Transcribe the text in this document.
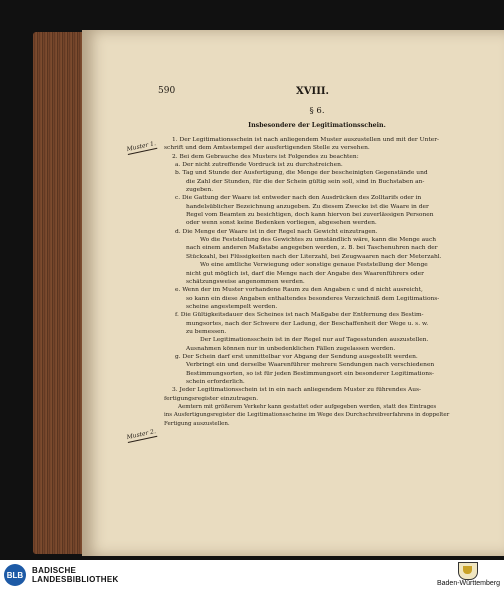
590	XVIII.
§ 6.
Insbesondere der Legitimationsschein.
Muster 1.
Muster 2.

1. Der Legitimationsschein ist nach anliegendem Muster auszustellen und mit der Unter-

schrift und dem Amtsstempel der ausfertigenden Stelle zu versehen.

2. Bei dem Gebrauche des Musters ist Folgendes zu beachten:

a. Der nicht zutreffende Vordruck ist zu durchstreichen.

b. Tag und Stunde der Ausfertigung, die Menge der bescheinigten Gegenstände und

die Zahl der Stunden, für die der Schein gültig sein soll, sind in Buchstaben an-

zugeben.

c. Die Gattung der Waare ist entweder nach den Ausdrücken des Zolltarifs oder in

handelsüblicher Bezeichnung anzugeben. Zu diesem Zwecke ist die Waare in der

Regel vom Beamten zu besichtigen, doch kann hiervon bei zuverlässigen Personen

oder wenn sonst keine Bedenken vorliegen, abgesehen werden.

d. Die Menge der Waare ist in der Regel nach Gewicht einzutragen.

Wo die Feststellung des Gewichtes zu umständlich wäre, kann die Menge auch

nach einem anderen Maßstabe angegeben werden, z. B. bei Taschenuhren nach der

Stückzahl, bei Flüssigkeiten nach der Literzahl, bei Zeugwaaren nach der Meterzahl.

Wo eine amtliche Verwiegung oder sonstige genaue Feststellung der Menge

nicht gut möglich ist, darf die Menge nach der Angabe des Waarenführers oder

schätzungsweise angenommen werden.

e. Wenn der im Muster vorhandene Raum zu den Angaben c und d nicht ausreicht,

so kann ein diese Angaben enthaltendes besonderes Verzeichniß dem Legitimations-

scheine angestempelt werden.

f. Die Gültigkeitsdauer des Scheines ist nach Maßgabe der Entfernung des Bestim-

mungsortes, nach der Schwere der Ladung, der Beschaffenheit der Wege u. s. w.

zu bemessen.

Der Legitimationsschein ist in der Regel nur auf Tagesstunden auszustellen.

Ausnahmen können nur in unbedenklichen Fällen zugelassen werden.

g. Der Schein darf erst unmittelbar vor Abgang der Sendung ausgestellt werden.

Verbringt ein und derselbe Waarenführer mehrere Sendungen nach verschiedenen

Bestimmungsorten, so ist für jeden Bestimmungsort ein besonderer Legitimations-

schein erforderlich.

3. Jeder Legitimationsschein ist in ein nach anliegendem Muster zu führendes Aus-

fertigungsregister einzutragen.

Aemtern mit größerem Verkehr kann gestattet oder aufgegeben werden, statt des Eintrages

ins Ausfertigungsregister die Legitimationsscheine im Wege des Durchschreibverfahrens in doppelter

Fertigung auszustellen.

BLB	BADISCHE
LANDESBIBLIOTHEK	Baden-Württemberg
